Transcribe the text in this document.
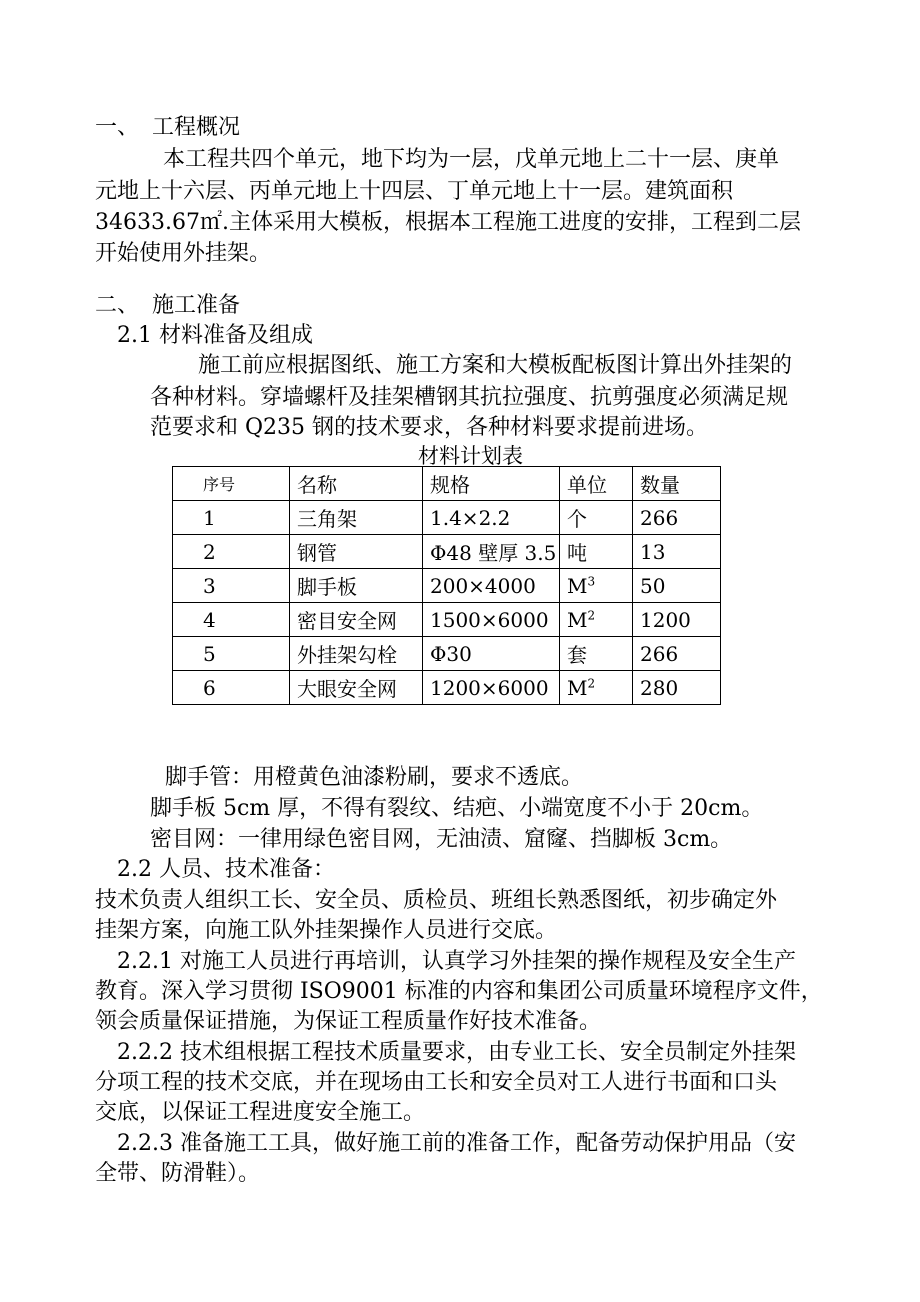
一、 工程概况
本工程共四个单元，地下均为一层，戊单元地上二十一层、庚单
元地上十六层、丙单元地上十四层、丁单元地上十一层。建筑面积
34633.67㎡.主体采用大模板，根据本工程施工进度的安排，工程到二层
开始使用外挂架。
二、 施工准备
2.1 材料准备及组成
施工前应根据图纸、施工方案和大模板配板图计算出外挂架的
各种材料。穿墙螺杆及挂架槽钢其抗拉强度、抗剪强度必须满足规
范要求和 Q235 钢的技术要求，各种材料要求提前进场。
材料计划表
序号	名称	规格	单位	数量
1	三角架	1.4×2.2	个	266
2	钢管	Φ48 壁厚 3.5	吨	13
3	脚手板	200×4000	$M^3$	50
4	密目安全网	1500×6000	$M^2$	1200
5	外挂架勾栓	Φ30	套	266
6	大眼安全网	1200×6000	$M^2$	280
脚手管：用橙黄色油漆粉刷，要求不透底。
脚手板 5cm 厚，不得有裂纹、结疤、小端宽度不小于 20cm。
密目网：一律用绿色密目网，无油渍、窟窿、挡脚板 3cm。
2.2 人员、技术准备：
技术负责人组织工长、安全员、质检员、班组长熟悉图纸，初步确定外
挂架方案，向施工队外挂架操作人员进行交底。
2.2.1 对施工人员进行再培训，认真学习外挂架的操作规程及安全生产
教育。深入学习贯彻 ISO9001 标准的内容和集团公司质量环境程序文件，
领会质量保证措施，为保证工程质量作好技术准备。
2.2.2 技术组根据工程技术质量要求，由专业工长、安全员制定外挂架
分项工程的技术交底，并在现场由工长和安全员对工人进行书面和口头
交底，以保证工程进度安全施工。
2.2.3 准备施工工具，做好施工前的准备工作，配备劳动保护用品（安
全带、防滑鞋）。
